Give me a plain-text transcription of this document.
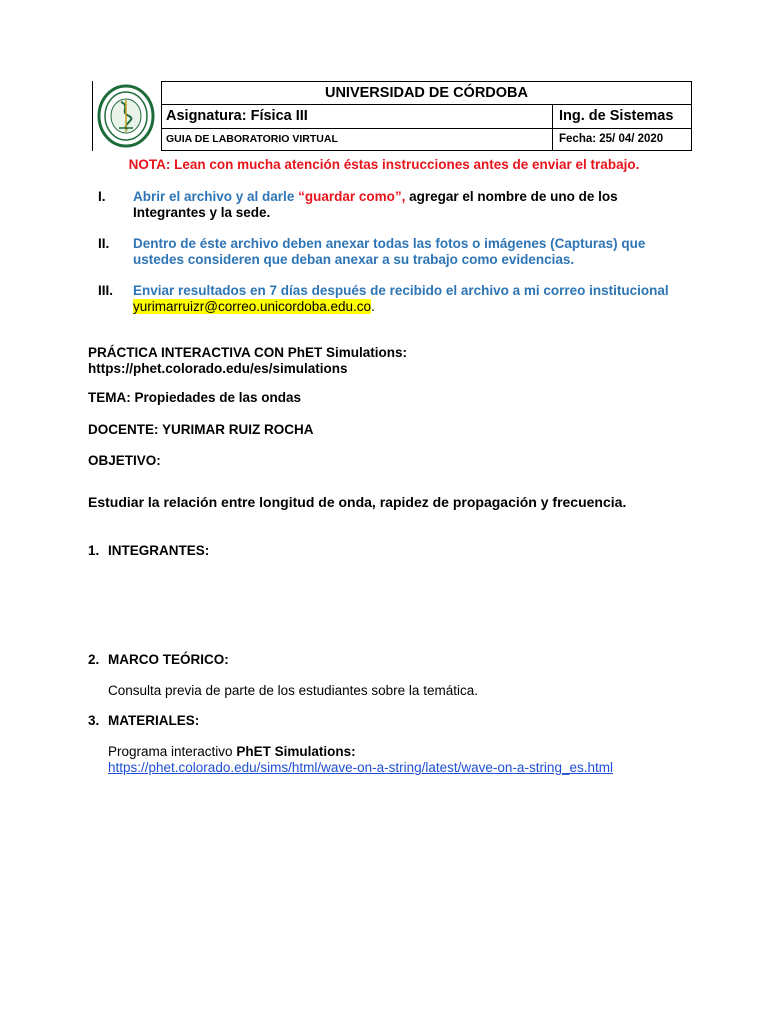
UNIVERSIDAD DE CÓRDOBA
Asignatura: Física III	Ing. de Sistemas
GUIA DE LABORATORIO VIRTUAL	Fecha: 25/ 04/ 2020
NOTA: Lean con mucha atención éstas instrucciones antes de enviar el trabajo.
I. Abrir el archivo y al darle “guardar como”, agregar el nombre de uno de los Integrantes y la sede.
II. Dentro de éste archivo deben anexar todas las fotos o imágenes (Capturas) que ustedes consideren que deban anexar a su trabajo como evidencias.
III. Enviar resultados en 7 días después de recibido el archivo a mi correo institucional yurimarruizr@correo.unicordoba.edu.co.
PRÁCTICA INTERACTIVA CON PhET Simulations:
https://phet.colorado.edu/es/simulations
TEMA: Propiedades de las ondas
DOCENTE: YURIMAR RUIZ ROCHA
OBJETIVO:
Estudiar la relación entre longitud de onda, rapidez de propagación y frecuencia.
1. INTEGRANTES:
2. MARCO TEÓRICO:
Consulta previa de parte de los estudiantes sobre la temática.
3. MATERIALES:
Programa interactivo PhET Simulations:
https://phet.colorado.edu/sims/html/wave-on-a-string/latest/wave-on-a-string_es.html
